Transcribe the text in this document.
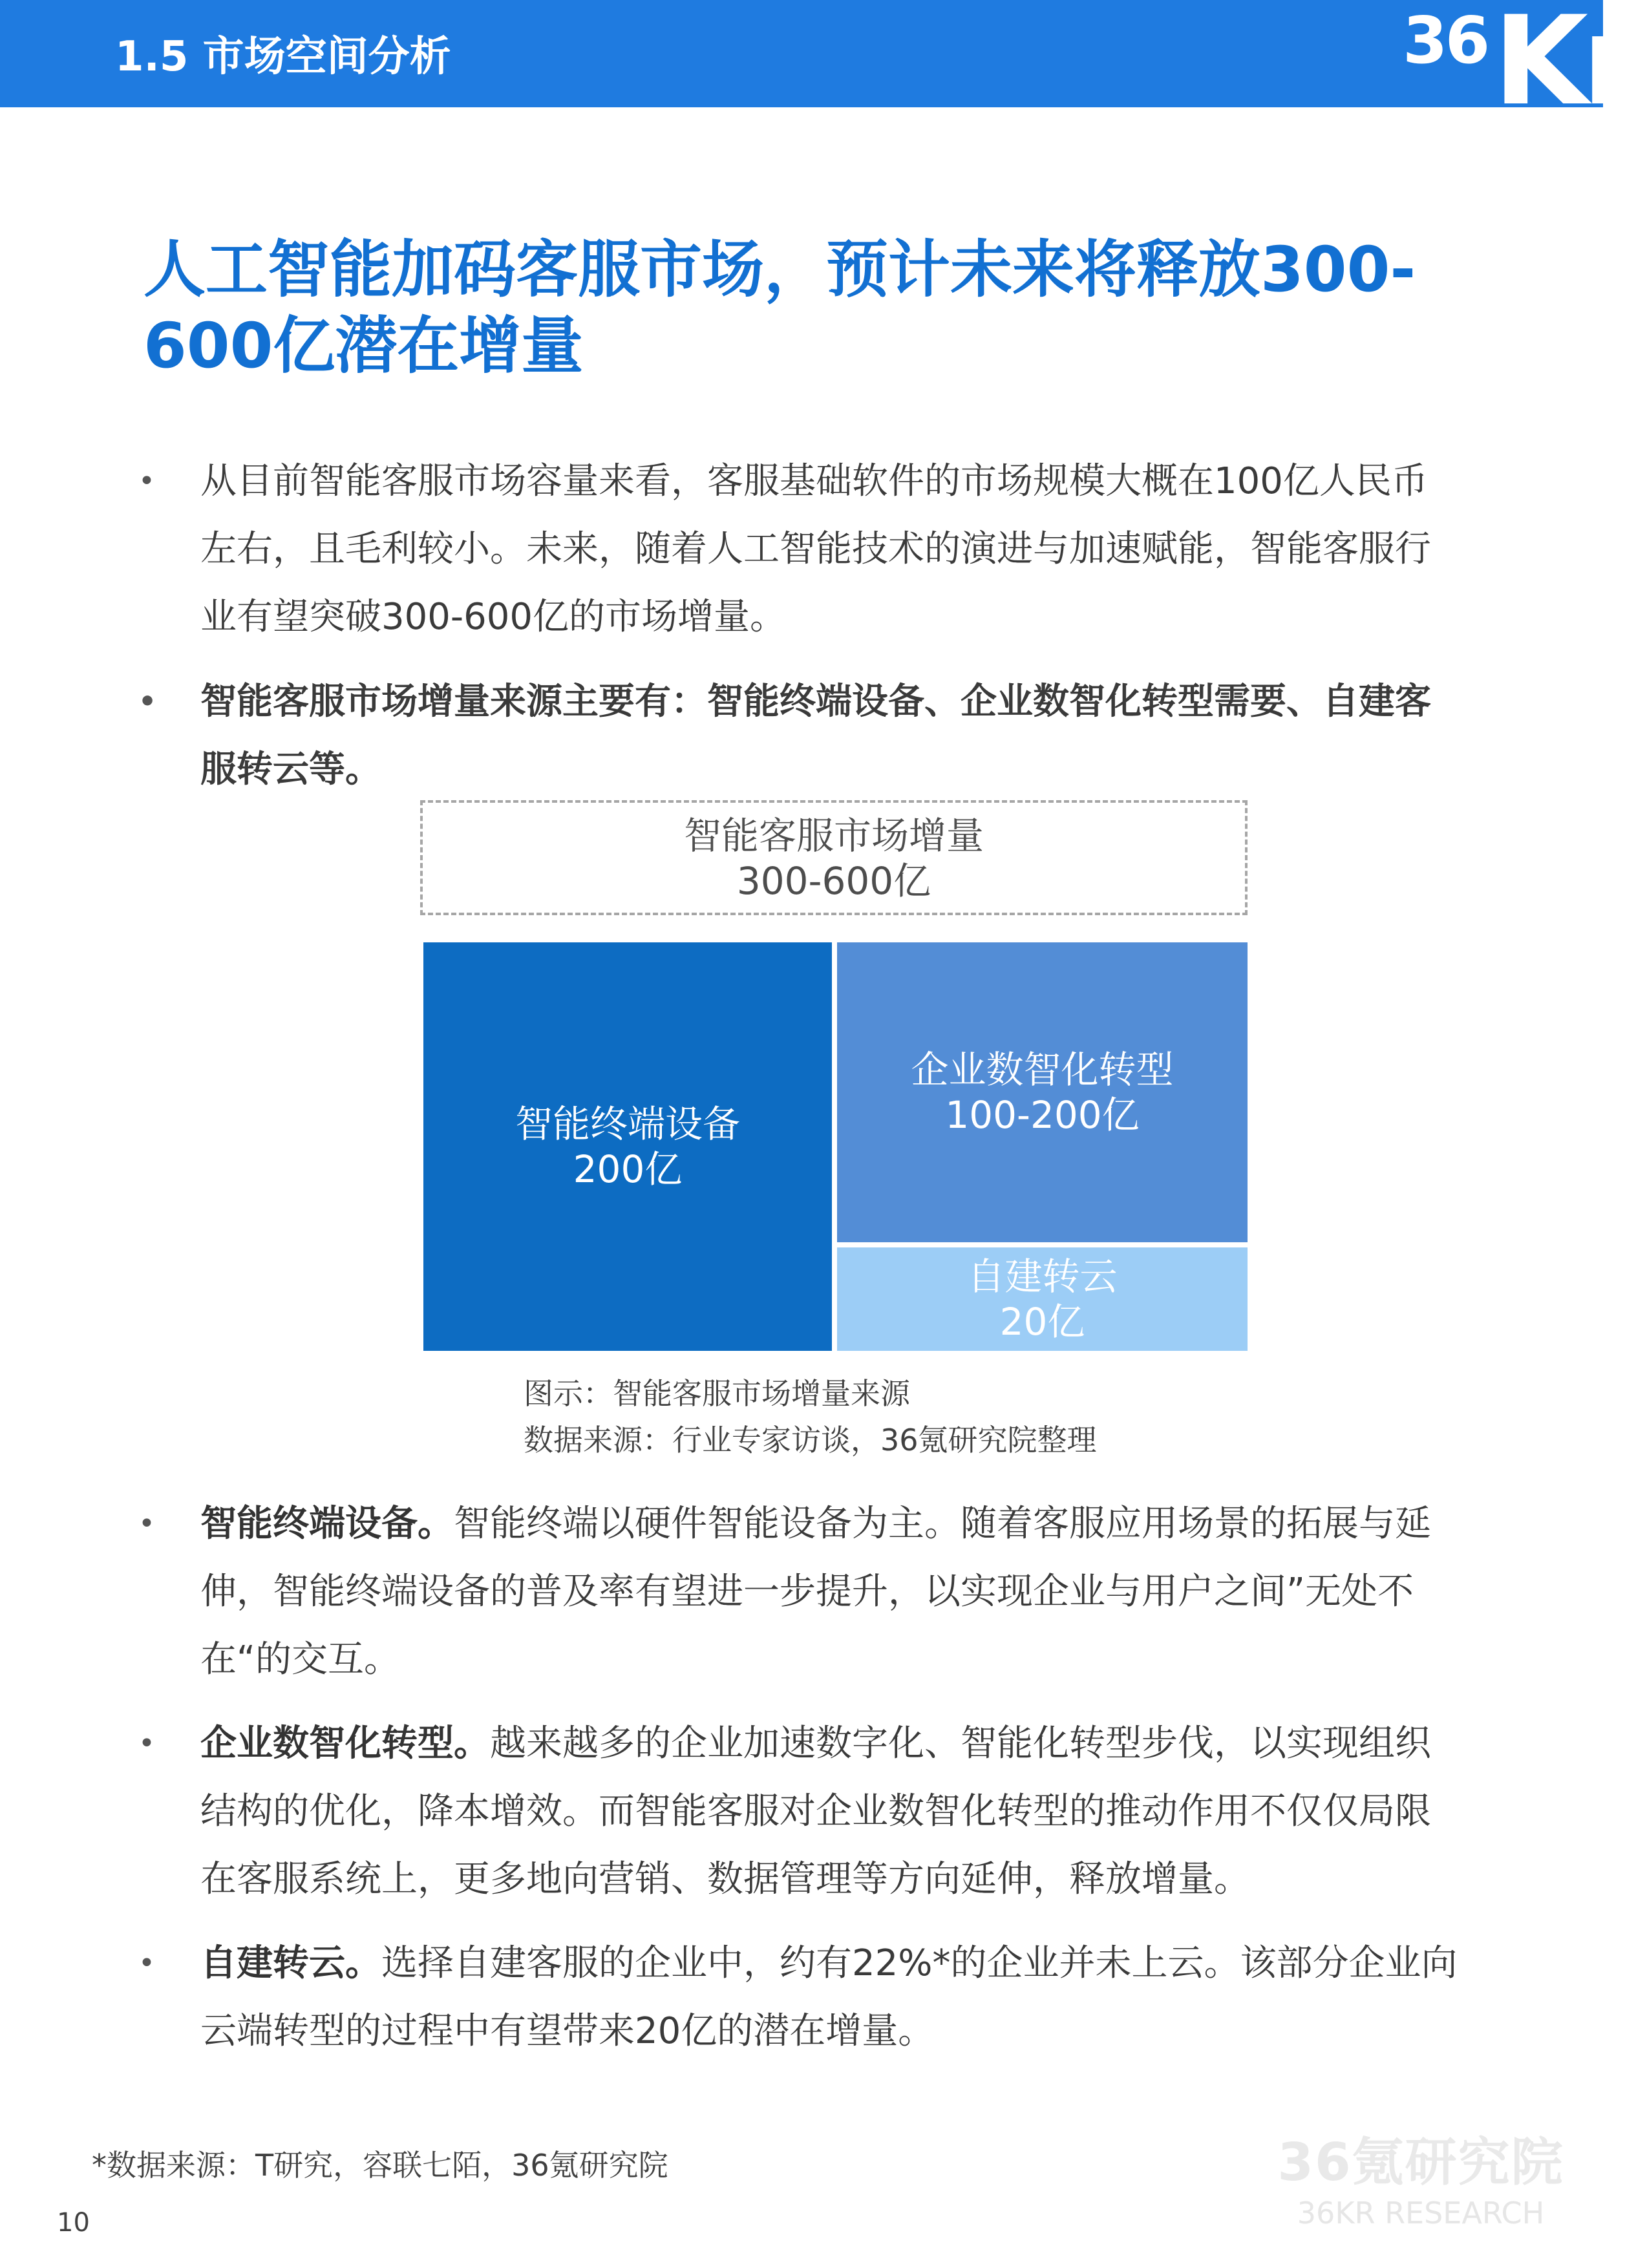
1.5 市场空间分析	36 Kr
人工智能加码客服市场，预计未来将释放300-
600亿潜在增量
• 从目前智能客服市场容量来看，客服基础软件的市场规模大概在100亿人民币左右，且毛利较小。未来，随着人工智能技术的演进与加速赋能，智能客服行业有望突破300-600亿的市场增量。
• 智能客服市场增量来源主要有：智能终端设备、企业数智化转型需要、自建客服转云等。
• 智能终端设备。智能终端以硬件智能设备为主。随着客服应用场景的拓展与延伸，智能终端设备的普及率有望进一步提升，以实现企业与用户之间”无处不在“的交互。
• 企业数智化转型。越来越多的企业加速数字化、智能化转型步伐，以实现组织结构的优化，降本增效。而智能客服对企业数智化转型的推动作用不仅仅局限在客服系统上，更多地向营销、数据管理等方向延伸，释放增量。
• 自建转云。选择自建客服的企业中，约有22%*的企业并未上云。该部分企业向云端转型的过程中有望带来20亿的潜在增量。
智能客服市场增量
300-600亿
智能终端设备
200亿
企业数智化转型
100-200亿
自建转云
20亿
图示：智能客服市场增量来源
数据来源：行业专家访谈，36氪研究院整理
*数据来源：T研究，容联七陌，36氪研究院
10
36氪研究院
36KR RESEARCH
